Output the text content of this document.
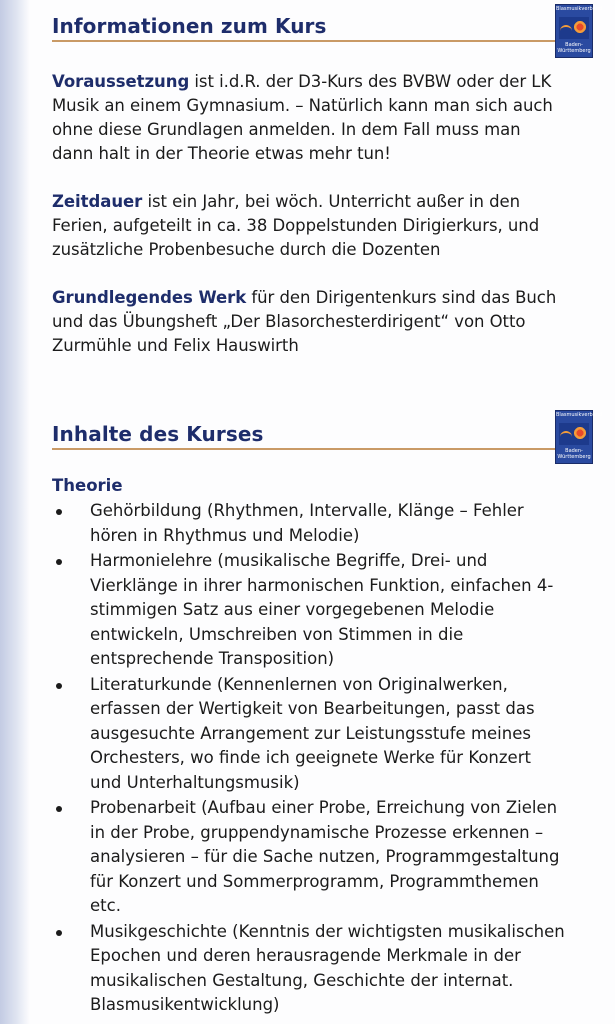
Informationen zum Kurs
Voraussetzung ist i.d.R. der D3-Kurs des BVBW oder der LK Musik an einem Gymnasium. – Natürlich kann man sich auch ohne diese Grundlagen anmelden. In dem Fall muss man dann halt in der Theorie etwas mehr tun!
Zeitdauer ist ein Jahr, bei wöch. Unterricht außer in den Ferien, aufgeteilt in ca. 38 Doppelstunden Dirigierkurs, und zusätzliche Probenbesuche durch die Dozenten
Grundlegendes Werk für den Dirigentenkurs sind das Buch und das Übungsheft „Der Blasorchesterdirigent“ von Otto Zurmühle und Felix Hauswirth
Inhalte des Kurses
Theorie
Gehörbildung (Rhythmen, Intervalle, Klänge – Fehler hören in Rhythmus und Melodie)
Harmonielehre (musikalische Begriffe, Drei- und Vierklänge in ihrer harmonischen Funktion, einfachen 4-stimmigen Satz aus einer vorgegebenen Melodie entwickeln, Umschreiben von Stimmen in die entsprechende Transposition)
Literaturkunde (Kennenlernen von Originalwerken, erfassen der Wertigkeit von Bearbeitungen, passt das ausgesuchte Arrangement zur Leistungsstufe meines Orchesters, wo finde ich geeignete Werke für Konzert und Unterhaltungsmusik)
Probenarbeit (Aufbau einer Probe, Erreichung von Zielen in der Probe, gruppendynamische Prozesse erkennen – analysieren – für die Sache nutzen, Programmgestaltung für Konzert und Sommerprogramm, Programmthemen etc.
Musikgeschichte (Kenntnis der wichtigsten musikalischen Epochen und deren herausragende Merkmale in der musikalischen Gestaltung, Geschichte der internat. Blasmusikentwicklung)
Blasmusikverband
Baden-Württemberg
Blasmusikverband
Baden-Württemberg
